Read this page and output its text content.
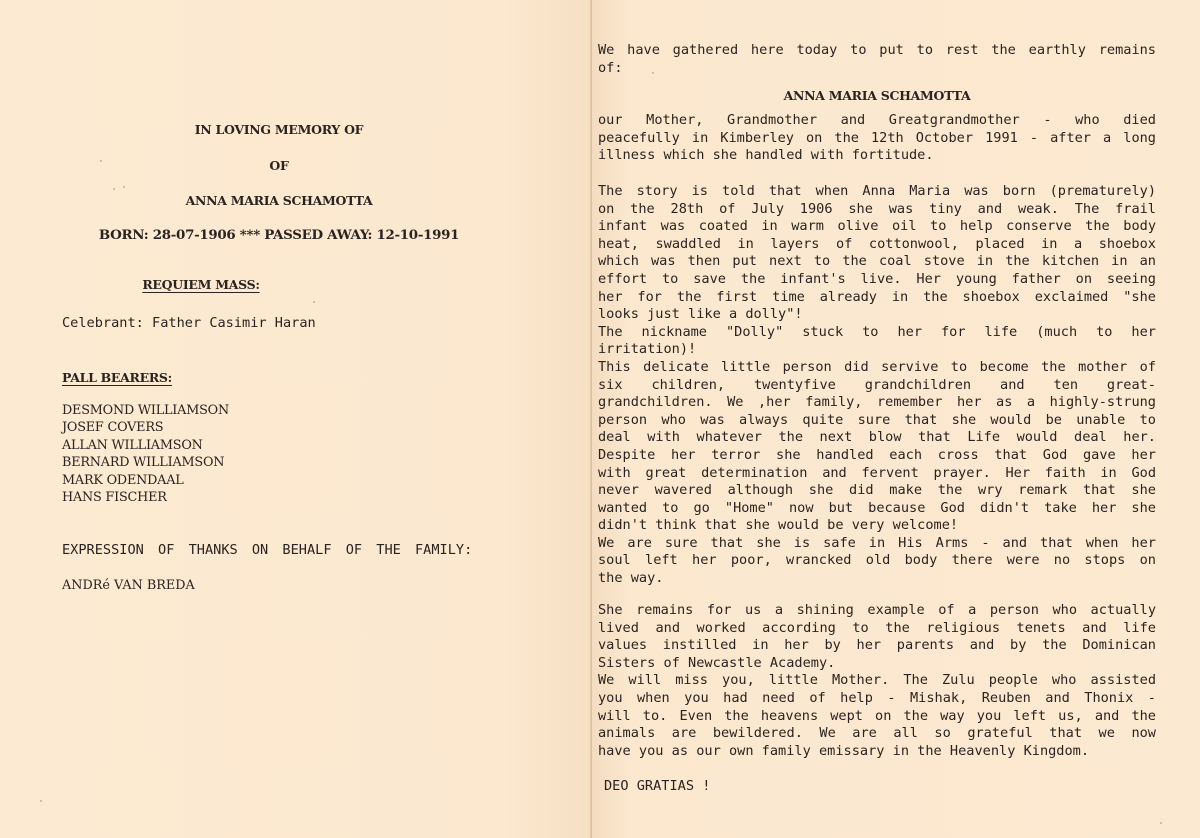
IN LOVING MEMORY OF
OF
ANNA MARIA SCHAMOTTA
BORN: 28-07-1906 *** PASSED AWAY: 12-10-1991
REQUIEM MASS:
Celebrant: Father Casimir Haran
PALL BEARERS:
DESMOND WILLIAMSON
JOSEF COVERS
ALLAN WILLIAMSON
BERNARD WILLIAMSON
MARK ODENDAAL
HANS FISCHER
EXPRESSION OF THANKS ON BEHALF OF THE FAMILY:
ANDRé VAN BREDA

We have gathered here today to put to rest the earthly remains
of:

ANNA MARIA SCHAMOTTA

our Mother, Grandmother and Greatgrandmother - who died
peacefully in Kimberley on the 12th October 1991 - after a long
illness which she handled with fortitude.

The story is told that when Anna Maria was born (prematurely)
on the 28th of July 1906 she was tiny and weak. The frail
infant was coated in warm olive oil to help conserve the body
heat, swaddled in layers of cottonwool, placed in a shoebox
which was then put next to the coal stove in the kitchen in an
effort to save the infant's live. Her young father on seeing
her for the first time already in the shoebox exclaimed "she
looks just like a dolly"!
The nickname "Dolly" stuck to her for life (much to her
irritation)!
This delicate little person did servive to become the mother of
six children, twentyfive grandchildren and ten great-
grandchildren. We ,her family, remember her as a highly-strung
person who was always quite sure that she would be unable to
deal with whatever the next blow that Life would deal her.
Despite her terror she handled each cross that God gave her
with great determination and fervent prayer. Her faith in God
never wavered although she did make the wry remark that she
wanted to go "Home" now but because God didn't take her she
didn't think that she would be very welcome!
We are sure that she is safe in His Arms - and that when her
soul left her poor, wrancked old body there were no stops on
the way.

She remains for us a shining example of a person who actually
lived and worked according to the religious tenets and life
values instilled in her by her parents and by the Dominican
Sisters of Newcastle Academy.
We will miss you, little Mother. The Zulu people who assisted
you when you had need of help - Mishak, Reuben and Thonix -
will to. Even the heavens wept on the way you left us, and the
animals are bewildered. We are all so grateful that we now
have you as our own family emissary in the Heavenly Kingdom.

DEO GRATIAS !
